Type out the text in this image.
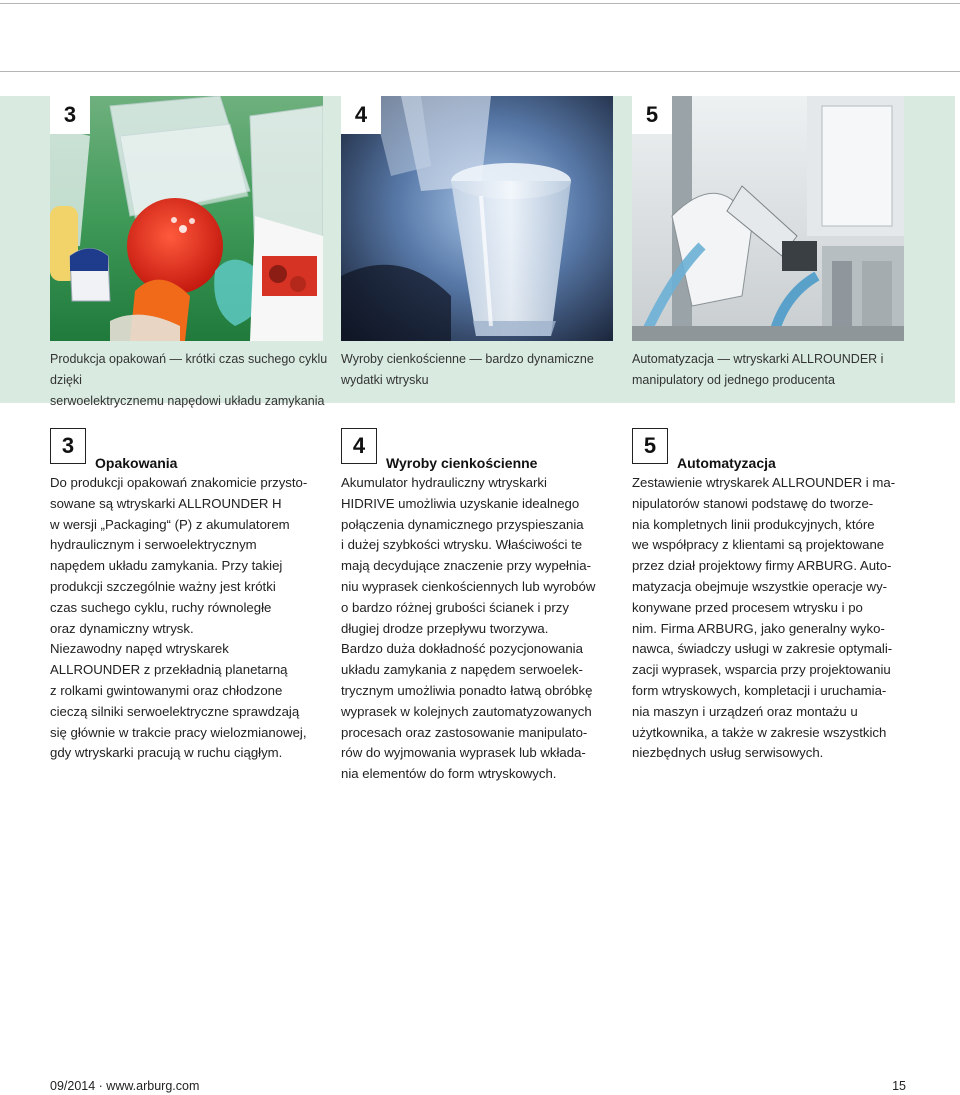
3	4	5
Produkcja opakowań — krótki czas suchego cyklu dzięki
serwoelektrycznemu napędowi układu zamykania
Wyroby cienkościenne — bardzo dynamiczne
wydatki wtrysku
Automatyzacja — wtryskarki ALLROUNDER i
manipulatory od jednego producenta
3
Opakowania

Do produkcji opakowań znakomicie przysto-
sowane są wtryskarki ALLROUNDER H
w wersji „Packaging“ (P) z akumulatorem
hydraulicznym i serwoelektrycznym
napędem układu zamykania. Przy takiej
produkcji szczególnie ważny jest krótki
czas suchego cyklu, ruchy równoległe
oraz dynamiczny wtrysk.
Niezawodny napęd wtryskarek
ALLROUNDER z przekładnią planetarną
z rolkami gwintowanymi oraz chłodzone
cieczą silniki serwoelektryczne sprawdzają
się głównie w trakcie pracy wielozmianowej,
gdy wtryskarki pracują w ruchu ciągłym.

4
Wyroby cienkościenne

Akumulator hydrauliczny wtryskarki
HIDRIVE umożliwia uzyskanie idealnego
połączenia dynamicznego przyspieszania
i dużej szybkości wtrysku. Właściwości te
mają decydujące znaczenie przy wypełnia-
niu wyprasek cienkościennych lub wyrobów
o bardzo różnej grubości ścianek i przy
długiej drodze przepływu tworzywa.
Bardzo duża dokładność pozycjonowania
układu zamykania z napędem serwoelek-
trycznym umożliwia ponadto łatwą obróbkę
wyprasek w kolejnych zautomatyzowanych
procesach oraz zastosowanie manipulato-
rów do wyjmowania wyprasek lub wkłada-
nia elementów do form wtryskowych.

5
Automatyzacja

Zestawienie wtryskarek ALLROUNDER i ma-
nipulatorów stanowi podstawę do tworze-
nia kompletnych linii produkcyjnych, które
we współpracy z klientami są projektowane
przez dział projektowy firmy ARBURG. Auto-
matyzacja obejmuje wszystkie operacje wy-
konywane przed procesem wtrysku i po
nim. Firma ARBURG, jako generalny wyko-
nawca, świadczy usługi w zakresie optymali-
zacji wyprasek, wsparcia przy projektowaniu
form wtryskowych, kompletacji i uruchamia-
nia maszyn i urządzeń oraz montażu u
użytkownika, a także w zakresie wszystkich
niezbędnych usług serwisowych.

09/2014 · www.arburg.com	15
